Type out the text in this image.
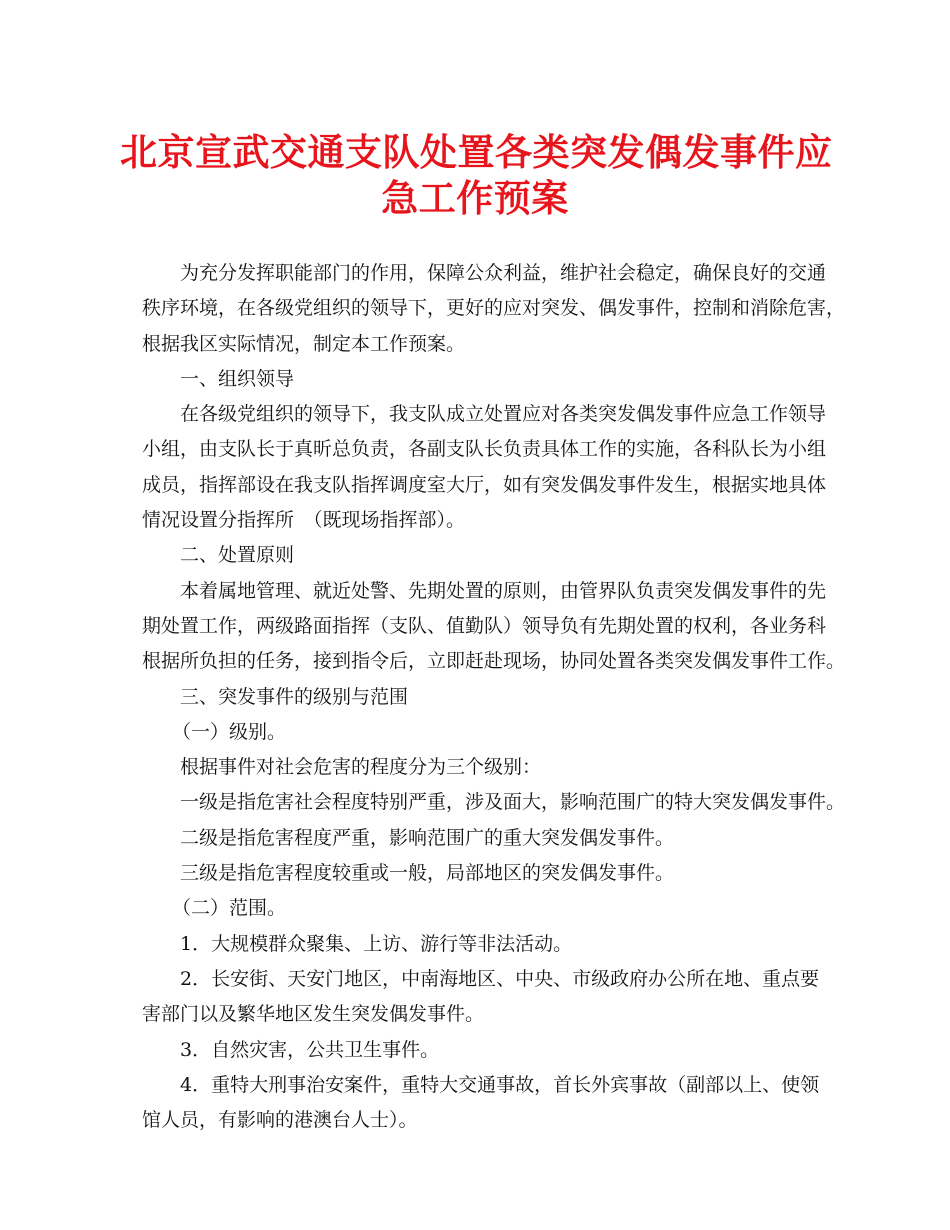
北京宣武交通支队处置各类突发偶发事件应
急工作预案
为充分发挥职能部门的作用，保障公众利益，维护社会稳定，确保良好的交通
秩序环境，在各级党组织的领导下，更好的应对突发、偶发事件，控制和消除危害，
根据我区实际情况，制定本工作预案。
一、组织领导
在各级党组织的领导下，我支队成立处置应对各类突发偶发事件应急工作领导
小组，由支队长于真昕总负责，各副支队长负责具体工作的实施，各科队长为小组
成员，指挥部设在我支队指挥调度室大厅，如有突发偶发事件发生，根据实地具体
情况设置分指挥所　（既现场指挥部）。
二、处置原则
本着属地管理、就近处警、先期处置的原则，由管界队负责突发偶发事件的先
期处置工作，两级路面指挥（支队、值勤队）领导负有先期处置的权利，各业务科
根据所负担的任务，接到指令后，立即赶赴现场，协同处置各类突发偶发事件工作。
三、突发事件的级别与范围
（一）级别。
根据事件对社会危害的程度分为三个级别：
一级是指危害社会程度特别严重，涉及面大，影响范围广的特大突发偶发事件。
二级是指危害程度严重，影响范围广的重大突发偶发事件。
三级是指危害程度较重或一般，局部地区的突发偶发事件。
（二）范围。
1．大规模群众聚集、上访、游行等非法活动。
2．长安街、天安门地区，中南海地区、中央、市级政府办公所在地、重点要
害部门以及繁华地区发生突发偶发事件。
3．自然灾害，公共卫生事件。
4．重特大刑事治安案件，重特大交通事故，首长外宾事故（副部以上、使领
馆人员，有影响的港澳台人士）。
